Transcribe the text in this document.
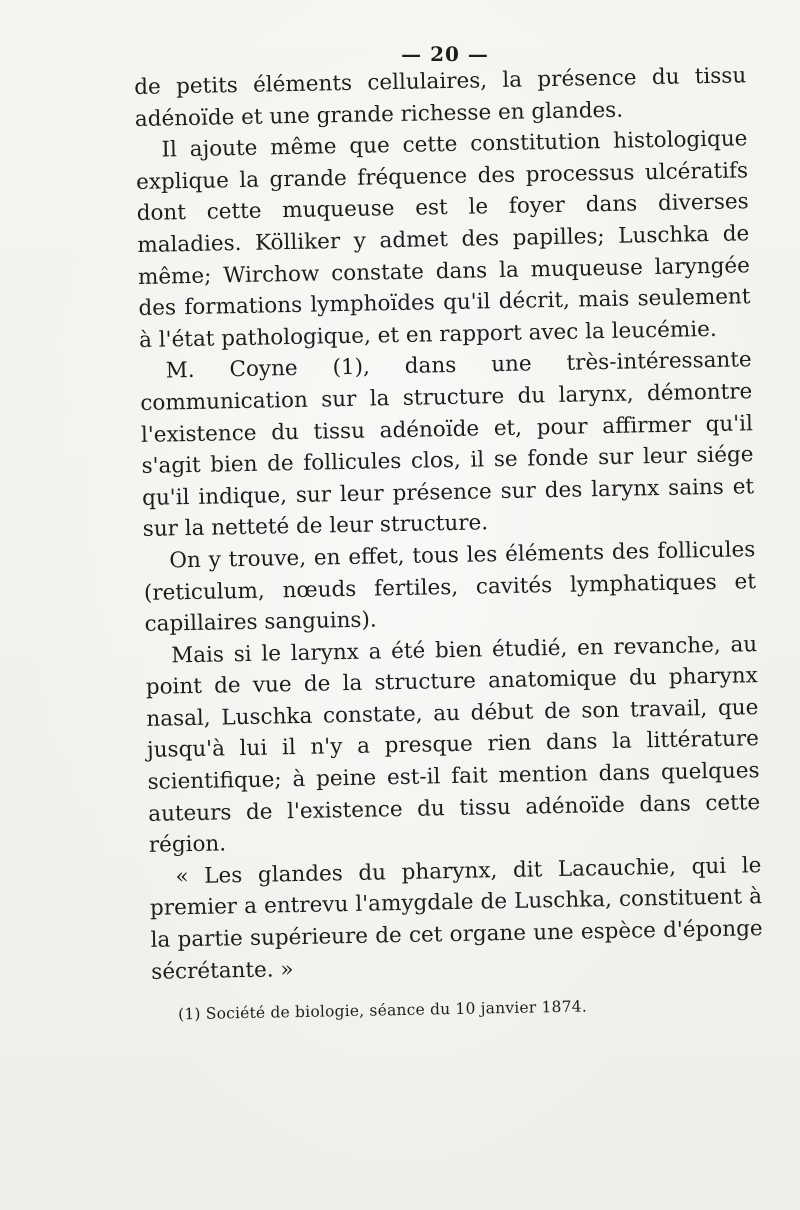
— 20 —

de petits éléments cellulaires, la présence du tissu adénoïde et une grande richesse en glandes.

Il ajoute même que cette constitution histologique explique la grande fréquence des processus ulcératifs dont cette muqueuse est le foyer dans diverses maladies. Kölliker y admet des papilles; Luschka de même; Wirchow constate dans la muqueuse laryngée des formations lymphoïdes qu'il décrit, mais seulement à l'état pathologique, et en rapport avec la leucémie.

M. Coyne (1), dans une très-intéressante communication sur la structure du larynx, démontre l'existence du tissu adénoïde et, pour affirmer qu'il s'agit bien de follicules clos, il se fonde sur leur siége qu'il indique, sur leur présence sur des larynx sains et sur la netteté de leur structure.

On y trouve, en effet, tous les éléments des follicules (reticulum, nœuds fertiles, cavités lymphatiques et capillaires sanguins).

Mais si le larynx a été bien étudié, en revanche, au point de vue de la structure anatomique du pharynx nasal, Luschka constate, au début de son travail, que jusqu'à lui il n'y a presque rien dans la littérature scientifique; à peine est-il fait mention dans quelques auteurs de l'existence du tissu adénoïde dans cette région.

« Les glandes du pharynx, dit Lacauchie, qui le premier a entrevu l'amygdale de Luschka, constituent à la partie supérieure de cet organe une espèce d'éponge sécrétante. »

(1) Société de biologie, séance du 10 janvier 1874.
